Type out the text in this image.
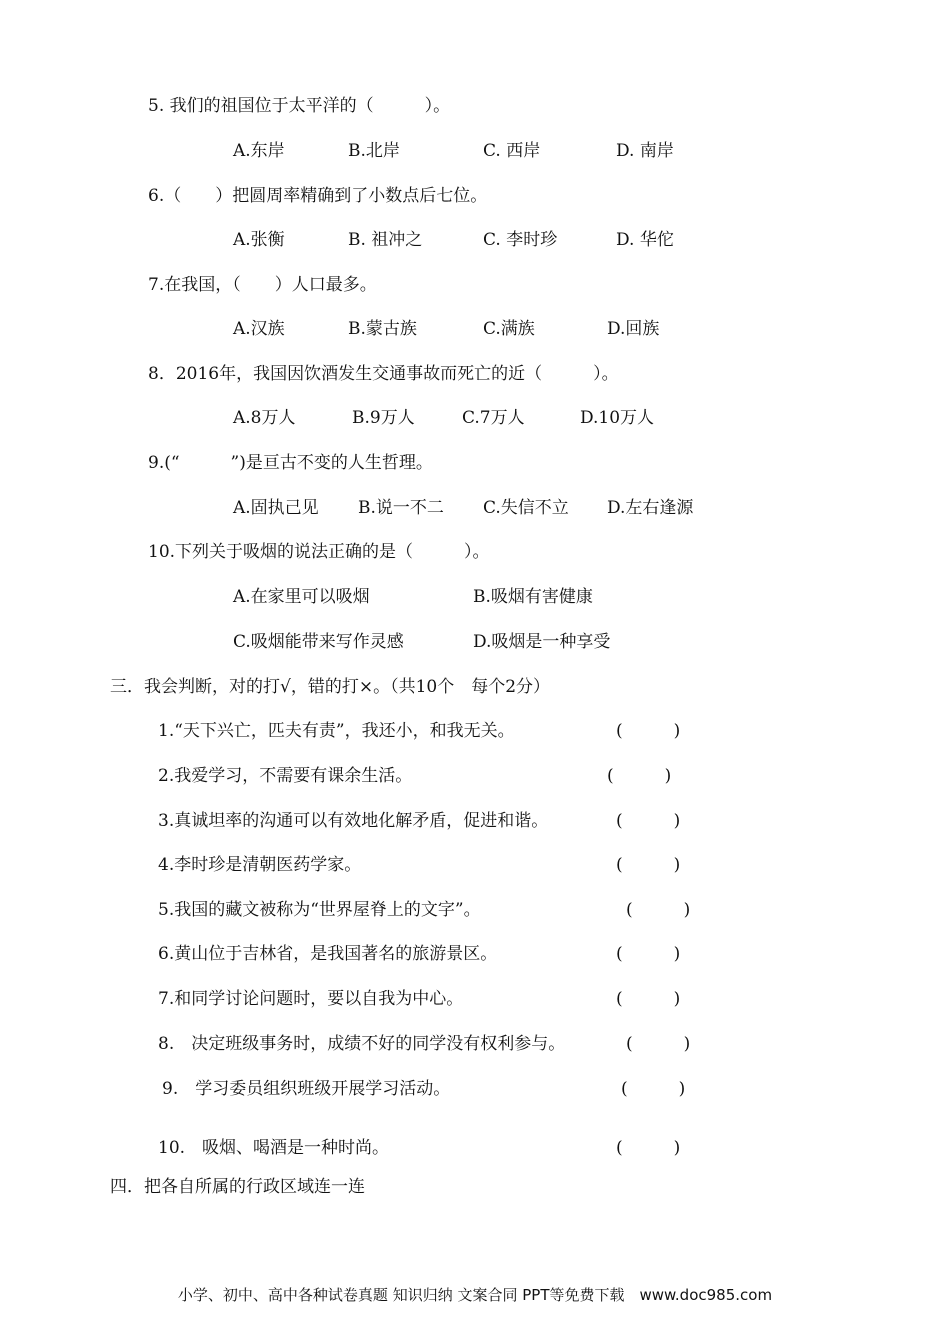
5. 我们的祖国位于太平洋的（　　　）。
A.东岸	B.北岸	C. 西岸	D. 南岸
6.（　　）把圆周率精确到了小数点后七位。
A.张衡	B. 祖冲之	C. 李时珍	D. 华佗
7.在我国，（　　）人口最多。
A.汉族	B.蒙古族	C.满族	D.回族
8．2016年，我国因饮酒发生交通事故而死亡的近（　　　）。
A.8万人	B.9万人	C.7万人	D.10万人
9.(“　　　”)是亘古不变的人生哲理。
A.固执己见 B.说一不二 C.失信不立 D.左右逢源
10.下列关于吸烟的说法正确的是（　　　）。
A.在家里可以吸烟	B.吸烟有害健康
C.吸烟能带来写作灵感	D.吸烟是一种享受
三．我会判断，对的打√，错的打×。（共10个　每个2分）
1.“天下兴亡，匹夫有责”，我还小，和我无关。	(　　　)
2.我爱学习，不需要有课余生活。	(　　　)
3.真诚坦率的沟通可以有效地化解矛盾，促进和谐。	(　　　)
4.李时珍是清朝医药学家。	(　　　)
5.我国的藏文被称为“世界屋脊上的文字”。	(　　　)
6.黄山位于吉林省，是我国著名的旅游景区。	(　　　)
7.和同学讨论问题时，要以自我为中心。	(　　　)
8.　决定班级事务时，成绩不好的同学没有权利参与。	(　　　)
9.　学习委员组织班级开展学习活动。	(　　　)
10.　吸烟、喝酒是一种时尚。	(　　　)
四．把各自所属的行政区域连一连
小学、初中、高中各种试卷真题 知识归纳 文案合同 PPT等免费下载　www.doc985.com
